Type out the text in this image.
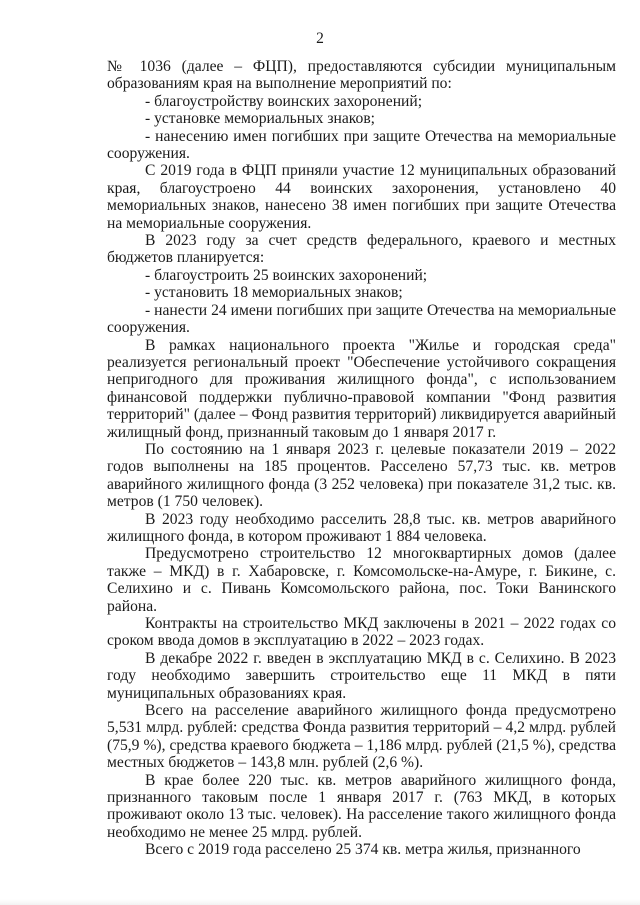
2

№ 1036 (далее – ФЦП), предоставляются субсидии муниципальным образованиям края на выполнение мероприятий по:

- благоустройству воинских захоронений;

- установке мемориальных знаков;

- нанесению имен погибших при защите Отечества на мемориальные сооружения.

С 2019 года в ФЦП приняли участие 12 муниципальных образований края, благоустроено 44 воинских захоронения, установлено 40 мемориальных знаков, нанесено 38 имен погибших при защите Отечества на мемориальные сооружения.

В 2023 году за счет средств федерального, краевого и местных бюджетов планируется:

- благоустроить 25 воинских захоронений;

- установить 18 мемориальных знаков;

- нанести 24 имени погибших при защите Отечества на мемориальные сооружения.

В рамках национального проекта "Жилье и городская среда" реализуется региональный проект "Обеспечение устойчивого сокращения непригодного для проживания жилищного фонда", с использованием финансовой поддержки публично-правовой компании "Фонд развития территорий" (далее – Фонд развития территорий) ликвидируется аварийный жилищный фонд, признанный таковым до 1 января 2017 г.

По состоянию на 1 января 2023 г. целевые показатели 2019 – 2022 годов выполнены на 185 процентов. Расселено 57,73 тыс. кв. метров аварийного жилищного фонда (3 252 человека) при показателе 31,2 тыс. кв. метров (1 750 человек).

В 2023 году необходимо расселить 28,8 тыс. кв. метров аварийного жилищного фонда, в котором проживают 1 884 человека.

Предусмотрено строительство 12 многоквартирных домов (далее также – МКД) в г. Хабаровске, г. Комсомольске-на-Амуре, г. Бикине, с. Селихино и с. Пивань Комсомольского района, пос. Токи Ванинского района.

Контракты на строительство МКД заключены в 2021 – 2022 годах со сроком ввода домов в эксплуатацию в 2022 – 2023 годах.

В декабре 2022 г. введен в эксплуатацию МКД в с. Селихино. В 2023 году необходимо завершить строительство еще 11 МКД в пяти муниципальных образованиях края.

Всего на расселение аварийного жилищного фонда предусмотрено 5,531 млрд. рублей: средства Фонда развития территорий – 4,2 млрд. рублей (75,9 %), средства краевого бюджета – 1,186 млрд. рублей (21,5 %), средства местных бюджетов – 143,8 млн. рублей (2,6 %).

В крае более 220 тыс. кв. метров аварийного жилищного фонда, признанного таковым после 1 января 2017 г. (763 МКД, в которых проживают около 13 тыс. человек). На расселение такого жилищного фонда необходимо не менее 25 млрд. рублей.

Всего с 2019 года расселено 25 374 кв. метра жилья, признанного
